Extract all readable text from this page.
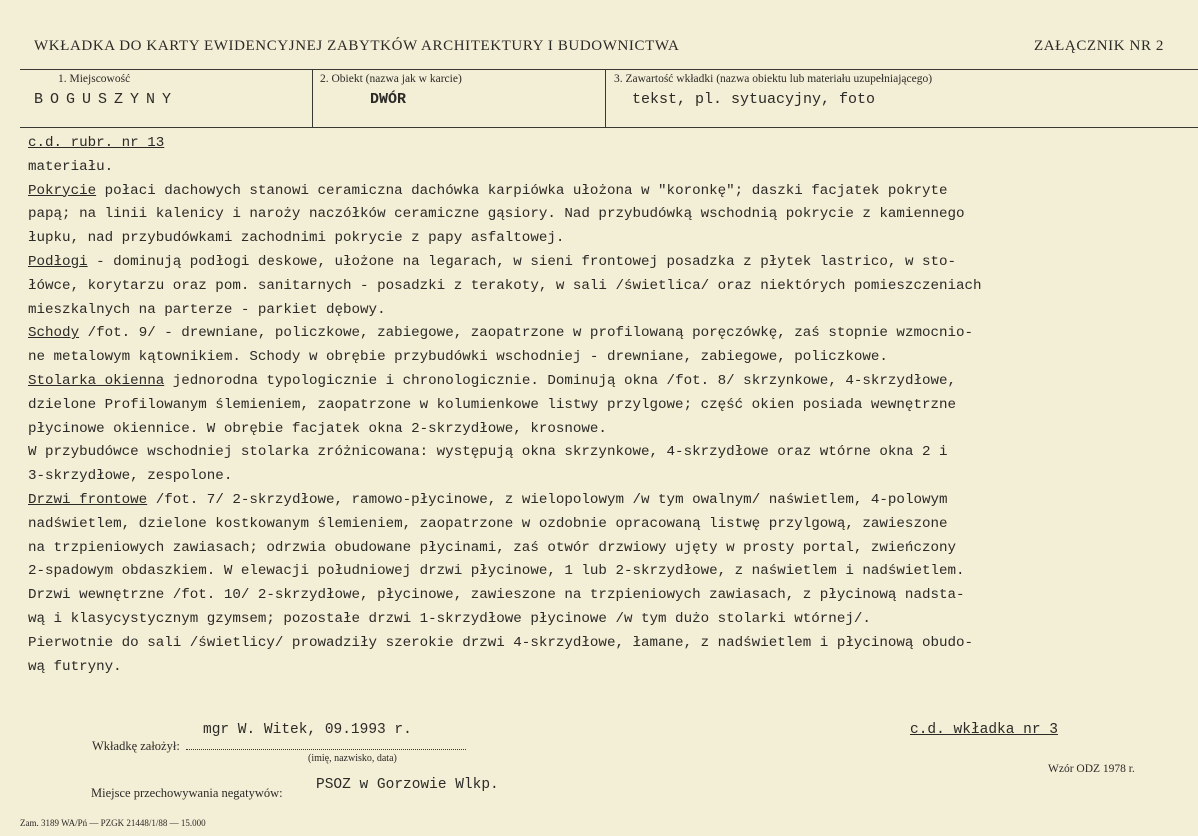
WKŁADKA DO KARTY EWIDENCYJNEJ ZABYTKÓW ARCHITEKTURY I BUDOWNICTWA	ZAŁĄCZNIK NR 2
1. Miejscowość
BOGUSZYNY
2. Obiekt (nazwa jak w karcie)
DWÓR
3. Zawartość wkładki (nazwa obiektu lub materiału uzupełniającego)
tekst, pl. sytuacyjny, foto
c.d. rubr. nr 13
materiału.
Pokrycie połaci dachowych stanowi ceramiczna dachówka karpiówka ułożona w "koronkę"; daszki facjatek pokryte
papą; na linii kalenicy i naroży naczółków ceramiczne gąsiory. Nad przybudówką wschodnią pokrycie z kamiennego
łupku, nad przybudówkami zachodnimi pokrycie z papy asfaltowej.
Podłogi - dominują podłogi deskowe, ułożone na legarach, w sieni frontowej posadzka z płytek lastrico, w sto-
łówce, korytarzu oraz pom. sanitarnych - posadzki z terakoty, w sali /świetlica/ oraz niektórych pomieszczeniach
mieszkalnych na parterze - parkiet dębowy.
Schody /fot. 9/ - drewniane, policzkowe, zabiegowe, zaopatrzone w profilowaną poręczówkę, zaś stopnie wzmocnio-
ne metalowym kątownikiem. Schody w obrębie przybudówki wschodniej - drewniane, zabiegowe, policzkowe.
Stolarka okienna jednorodna typologicznie i chronologicznie. Dominują okna /fot. 8/ skrzynkowe, 4-skrzydłowe,
dzielone Profilowanym ślemieniem, zaopatrzone w kolumienkowe listwy przylgowe; część okien posiada wewnętrzne
płycinowe okiennice. W obrębie facjatek okna 2-skrzydłowe, krosnowe.
W przybudówce wschodniej stolarka zróżnicowana: występują okna skrzynkowe, 4-skrzydłowe oraz wtórne okna 2 i
3-skrzydłowe, zespolone.
Drzwi frontowe /fot. 7/ 2-skrzydłowe, ramowo-płycinowe, z wielopolowym /w tym owalnym/ naświetlem, 4-polowym
nadświetlem, dzielone kostkowanym ślemieniem, zaopatrzone w ozdobnie opracowaną listwę przylgową, zawieszone
na trzpieniowych zawiasach; odrzwia obudowane płycinami, zaś otwór drzwiowy ujęty w prosty portal, zwieńczony
2-spadowym obdaszkiem. W elewacji południowej drzwi płycinowe, 1 lub 2-skrzydłowe, z naświetlem i nadświetlem.
Drzwi wewnętrzne /fot. 10/ 2-skrzydłowe, płycinowe, zawieszone na trzpieniowych zawiasach, z płycinową nadsta-
wą i klasycystycznym gzymsem; pozostałe drzwi 1-skrzydłowe płycinowe /w tym dużo stolarki wtórnej/.
Pierwotnie do sali /świetlicy/ prowadziły szerokie drzwi 4-skrzydłowe, łamane, z nadświetlem i płycinową obudo-
wą futryny.
Wkładkę założył:
mgr W. Witek, 09.1993 r.
(imię, nazwisko, data)
c.d. wkładka nr 3
Wzór ODZ 1978 r.
Miejsce przechowywania negatywów: PSOZ w Gorzowie Wlkp.
Zam. 3189 WA/Pń — PZGK 21448/1/88 — 15.000
